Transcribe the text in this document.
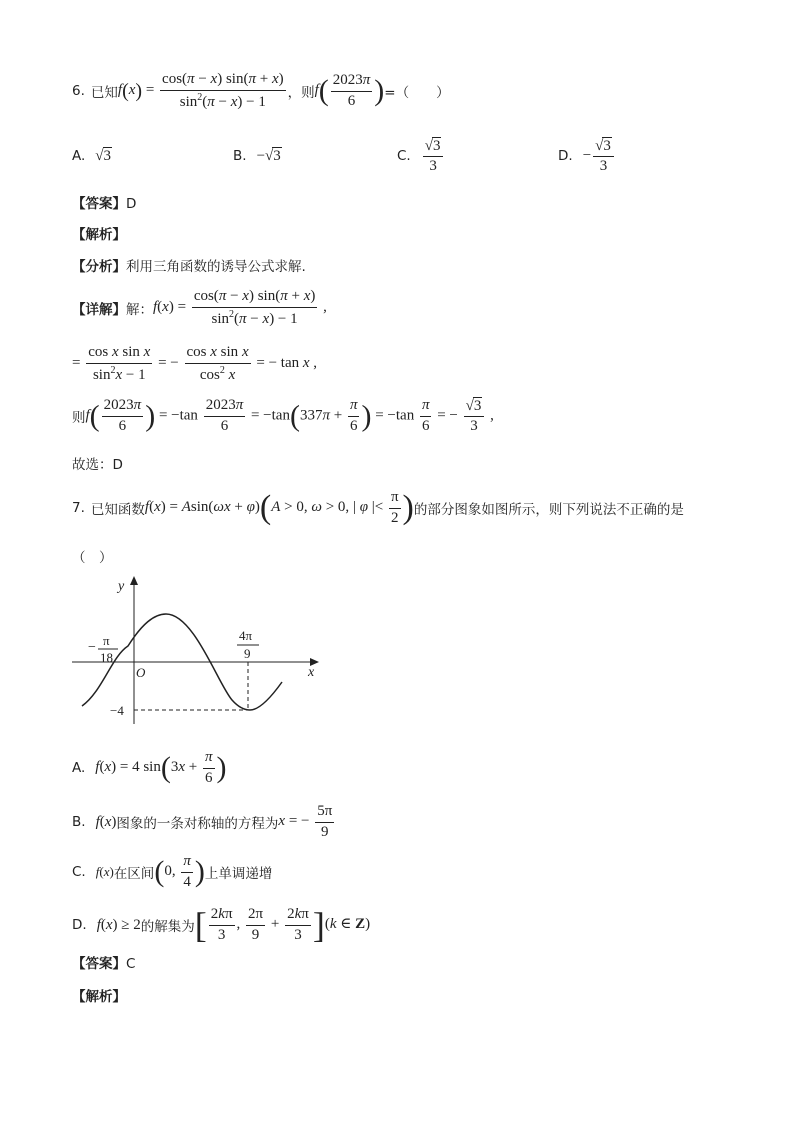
6. 已知 $f(x) = \frac{\cos(\pi - x) \sin(\pi + x)}{\sin^2(\pi - x) - 1}$ ，则 $f( \frac{2023\pi}{6}$ ) =（　　）
A. √3	B. −√3	C. $\frac{√3}{3}$	D. − $\frac{√3}{3}$
【答案】D
【解析】
【分析】利用三角函数的诱导公式求解.
【详解】 解： $f(x) = \frac{\cos(\pi - x) \sin(\pi + x)}{\sin^2(\pi - x) - 1}$ ,
= $\frac{\text{cos x sin x}}{\sin^2x - 1}$ = − $\frac{\text{cos x sin x}}{\cos^2 x}$ = − tan x ,
则 $f( \frac{2023\pi}{6}$ ) = $-\tan \frac{2023\pi}{6} = -\tan(337\pi + \frac{\pi}{6}$ ) = $-\tan \frac{\pi}{6}$ = − $\frac{√3}{3}$ ,
故选：D
7. 已知函数 f(x) = Asin(ωx + φ)(A > 0, ω > 0, | φ |< $\frac{\pi}{2}$ ) 的部分图象如图所示，则下列说法不正确的是
（　）
y
x
O
− π
18
4π
9
−4
A. f(x) = 4 $\sin(3x + \frac{\pi}{6}$ )
B. f(x) 图象的一条对称轴的方程为 x = − $\frac{5\pi}{9}$
C. f(x) 在区间 (0, $\frac{\pi}{4}$ ) 上单调递增
D. f(x) ≥ 2 的解集为 [ $\frac{2k\pi}{3}$ , $\frac{2\pi}{9} + \frac{2k\pi}{3} ](k$ ∈ Z)
【答案】C
【解析】
